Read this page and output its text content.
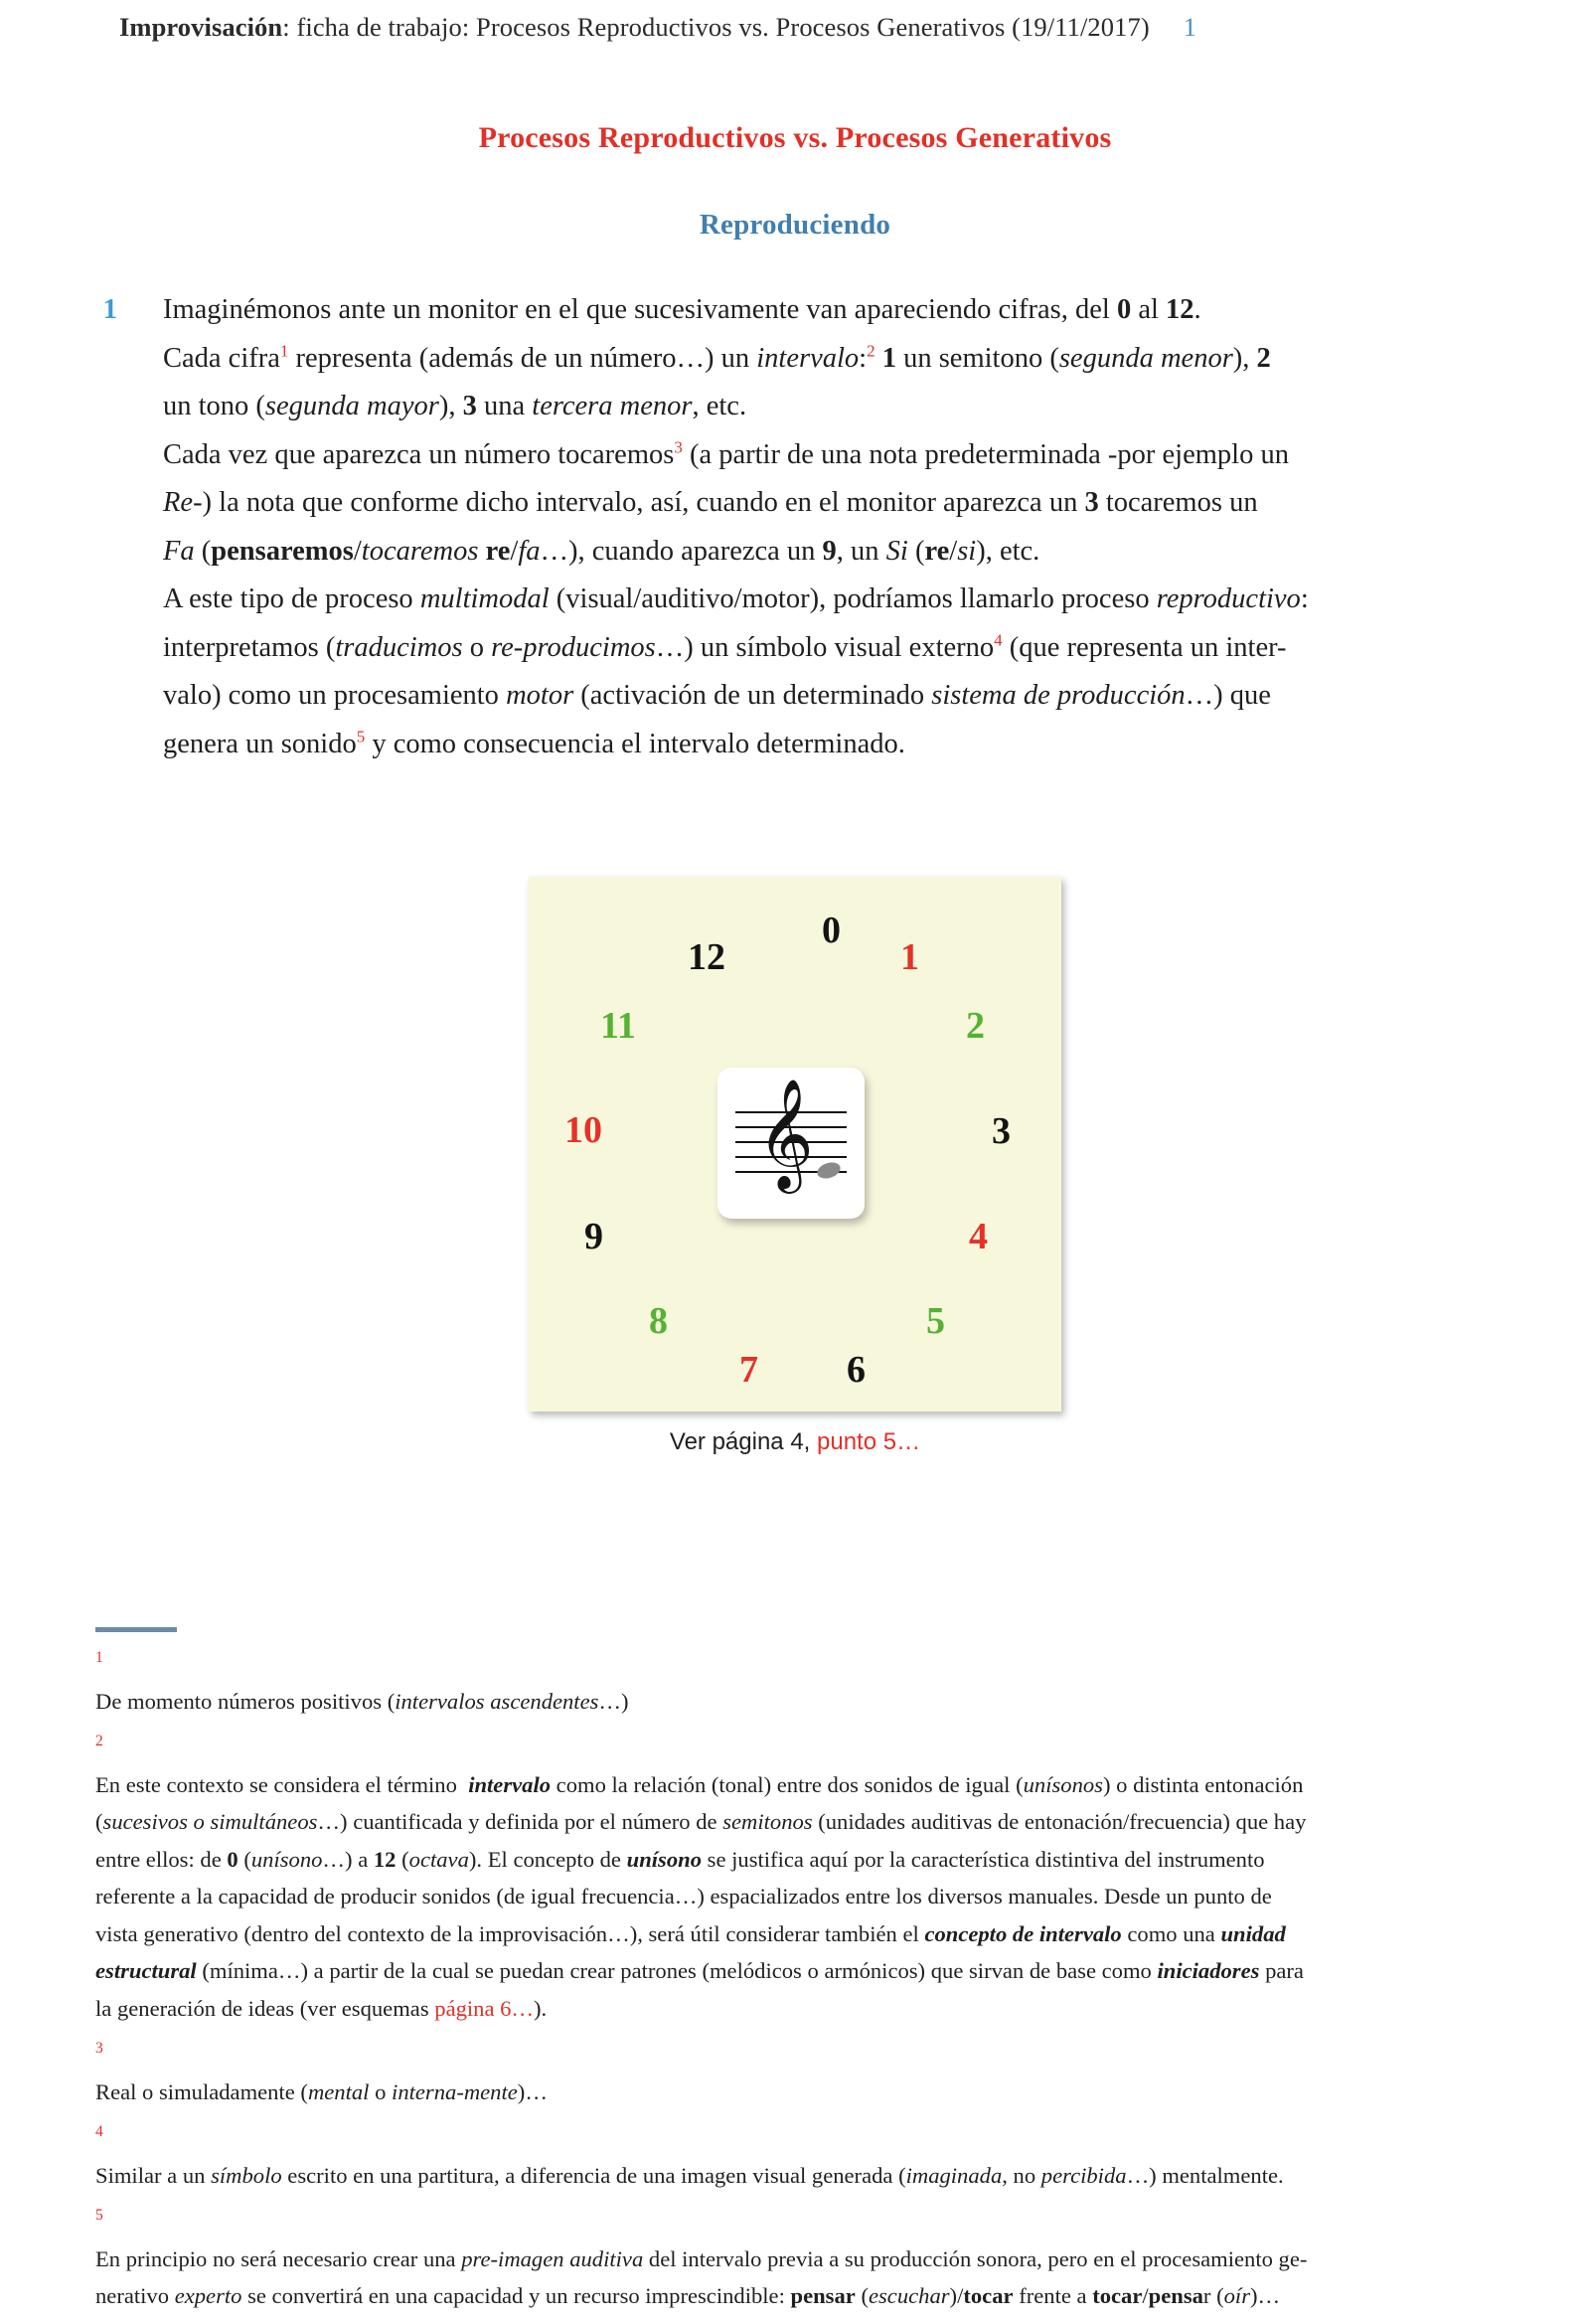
Improvisación: ficha de trabajo: Procesos Reproductivos vs. Procesos Generativos (19/11/2017) 1
Procesos Reproductivos vs. Procesos Generativos
Reproduciendo
1	Imaginémonos ante un monitor en el que sucesivamente van apareciendo cifras, del 0 al 12.
Cada cifra$^1$ representa (además de un número…) un intervalo:$^2$ 1 un semitono (segunda menor), 2
un tono (segunda mayor), 3 una tercera menor, etc.
Cada vez que aparezca un número tocaremos$^3$ (a partir de una nota predeterminada -por ejemplo un
Re-) la nota que conforme dicho intervalo, así, cuando en el monitor aparezca un 3 tocaremos un
Fa (pensaremos/tocaremos re/fa…), cuando aparezca un 9, un Si (re/si), etc.
A este tipo de proceso multimodal (visual/auditivo/motor), podríamos llamarlo proceso reproductivo:
interpretamos (traducimos o re-producimos…) un símbolo visual externo$^4$ (que representa un inter-
valo) como un procesamiento motor (activación de un determinado sistema de producción…) que
genera un sonido$^5$ y como consecuencia el intervalo determinado.
𝄞
0
1
2
3
4
5
6
7
8
9
10
11
12
Ver página 4, punto 5…

$^1$
De momento números positivos (intervalos ascendentes…)

$^2$
En este contexto se considera el término  intervalo como la relación (tonal) entre dos sonidos de igual (unísonos) o distinta entonación
(sucesivos o simultáneos…) cuantificada y definida por el número de semitonos (unidades auditivas de entonación/frecuencia) que hay
entre ellos: de 0 (unísono…) a 12 (octava). El concepto de unísono se justifica aquí por la característica distintiva del instrumento
referente a la capacidad de producir sonidos (de igual frecuencia…) espacializados entre los diversos manuales. Desde un punto de
vista generativo (dentro del contexto de la improvisación…), será útil considerar también el concepto de intervalo como una unidad
estructural (mínima…) a partir de la cual se puedan crear patrones (melódicos o armónicos) que sirvan de base como iniciadores para
la generación de ideas (ver esquemas página 6…).

$^3$
Real o simuladamente (mental o interna-mente)…

$^4$
Similar a un símbolo escrito en una partitura, a diferencia de una imagen visual generada (imaginada, no percibida…) mentalmente.

$^5$
En principio no será necesario crear una pre-imagen auditiva del intervalo previa a su producción sonora, pero en el procesamiento ge-
nerativo experto se convertirá en una capacidad y un recurso imprescindible: pensar (escuchar)/tocar frente a tocar/pensar (oír)…
